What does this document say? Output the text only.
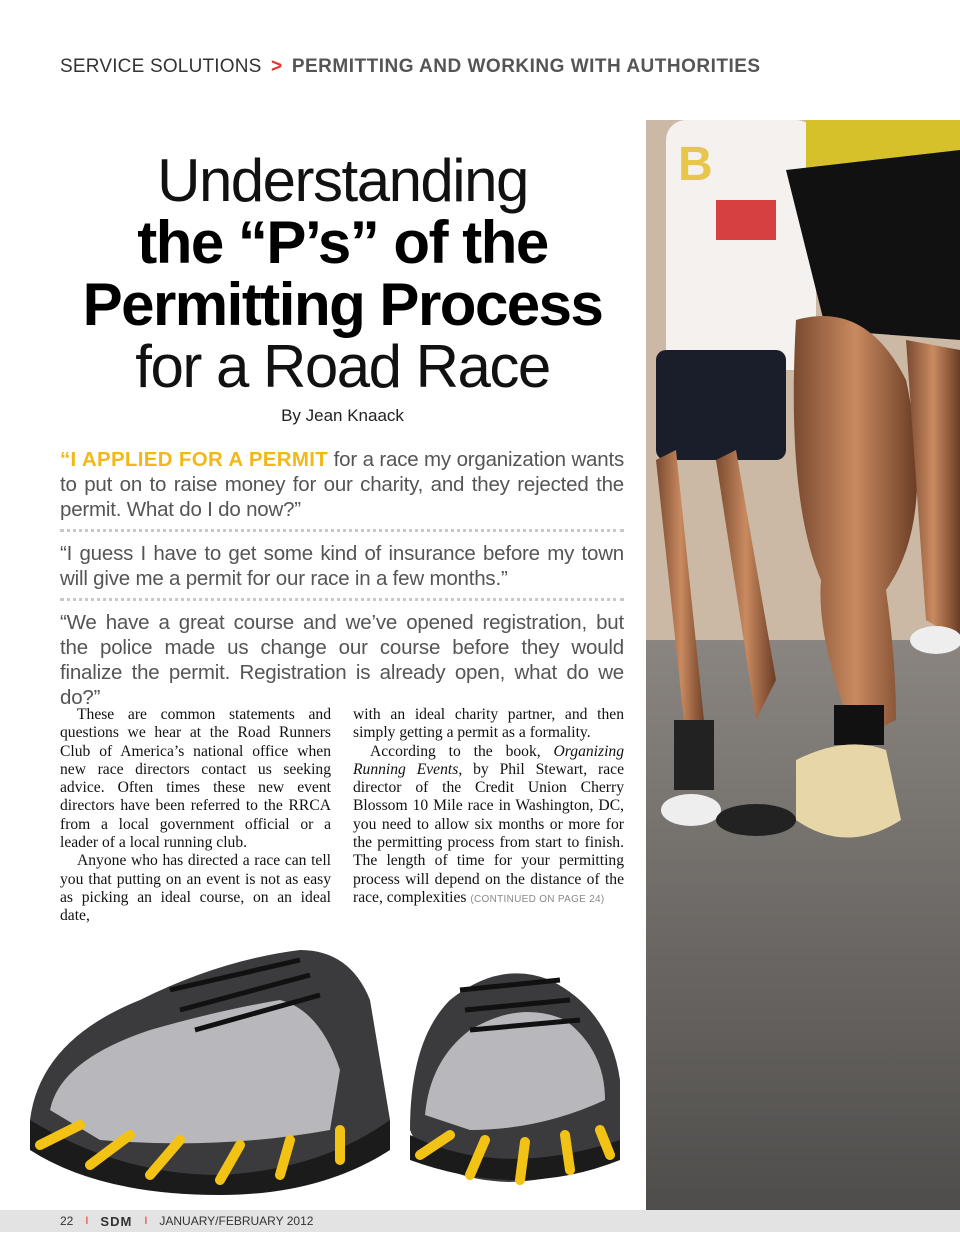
SERVICE SOLUTIONS > PERMITTING AND WORKING WITH AUTHORITIES
B
Understanding
the “P’s” of the
Permitting Process
for a Road Race
By Jean Knaack
“I APPLIED FOR A PERMIT for a race my organization wants to put on to raise money for our charity, and they rejected the permit. What do I do now?”
“I guess I have to get some kind of insurance before my town will give me a permit for our race in a few months.”
“We have a great course and we’ve opened registration, but the police made us change our course before they would finalize the permit. Registration is already open, what do we do?”

These are common statements and questions we hear at the Road Runners Club of America’s national office when new race directors contact us seeking advice. Often times these new event directors have been referred to the RRCA from a local government official or a leader of a local running club.

Anyone who has directed a race can tell you that putting on an event is not as easy as picking an ideal course, on an ideal date,

with an ideal charity partner, and then simply getting a permit as a formality.

According to the book, Organizing Running Events, by Phil Stewart, race director of the Credit Union Cherry Blossom 10 Mile race in Washington, DC, you need to allow six months or more for the permitting process from start to finish. The length of time for your permitting process will depend on the distance of the race, complexities (CONTINUED ON PAGE 24)

22 I SDM I JANUARY/FEBRUARY 2012
